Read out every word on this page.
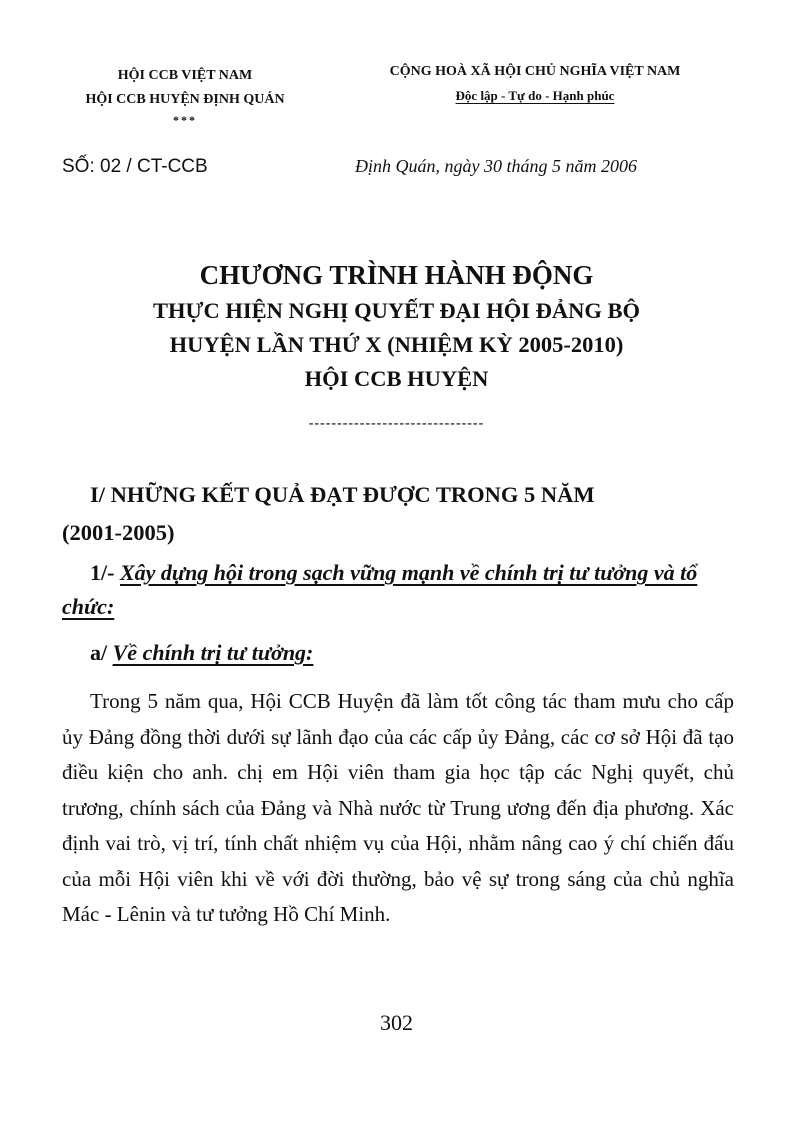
HỘI CCB VIỆT NAM
HỘI CCB HUYỆN ĐỊNH QUÁN
***
CỘNG HOÀ XÃ HỘI CHỦ NGHĨA VIỆT NAM
Độc lập - Tự do - Hạnh phúc
SỐ: 02 / CT-CCB	Định Quán, ngày 30 tháng 5 năm 2006
CHƯƠNG TRÌNH HÀNH ĐỘNG
THỰC HIỆN NGHỊ QUYẾT ĐẠI HỘI ĐẢNG BỘ
HUYỆN LẦN THỨ X (NHIỆM KỲ 2005-2010)
HỘI CCB HUYỆN
-------------------------------
I/ NHỮNG KẾT QUẢ ĐẠT ĐƯỢC TRONG 5 NĂM
(2001-2005)
1/- Xây dựng hội trong sạch vững mạnh về chính trị tư tưởng và tổ chức:
a/ Về chính trị tư tưởng:
Trong 5 năm qua, Hội CCB Huyện đã làm tốt công tác tham mưu cho cấp ủy Đảng đồng thời dưới sự lãnh đạo của các cấp ủy Đảng, các cơ sở Hội đã tạo điều kiện cho anh. chị em Hội viên tham gia học tập các Nghị quyết, chủ trương, chính sách của Đảng và Nhà nước từ Trung ương đến địa phương. Xác định vai trò, vị trí, tính chất nhiệm vụ của Hội, nhằm nâng cao ý chí chiến đấu của mỗi Hội viên khi về với đời thường, bảo vệ sự trong sáng của chủ nghĩa Mác - Lênin và tư tưởng Hồ Chí Minh.
302
